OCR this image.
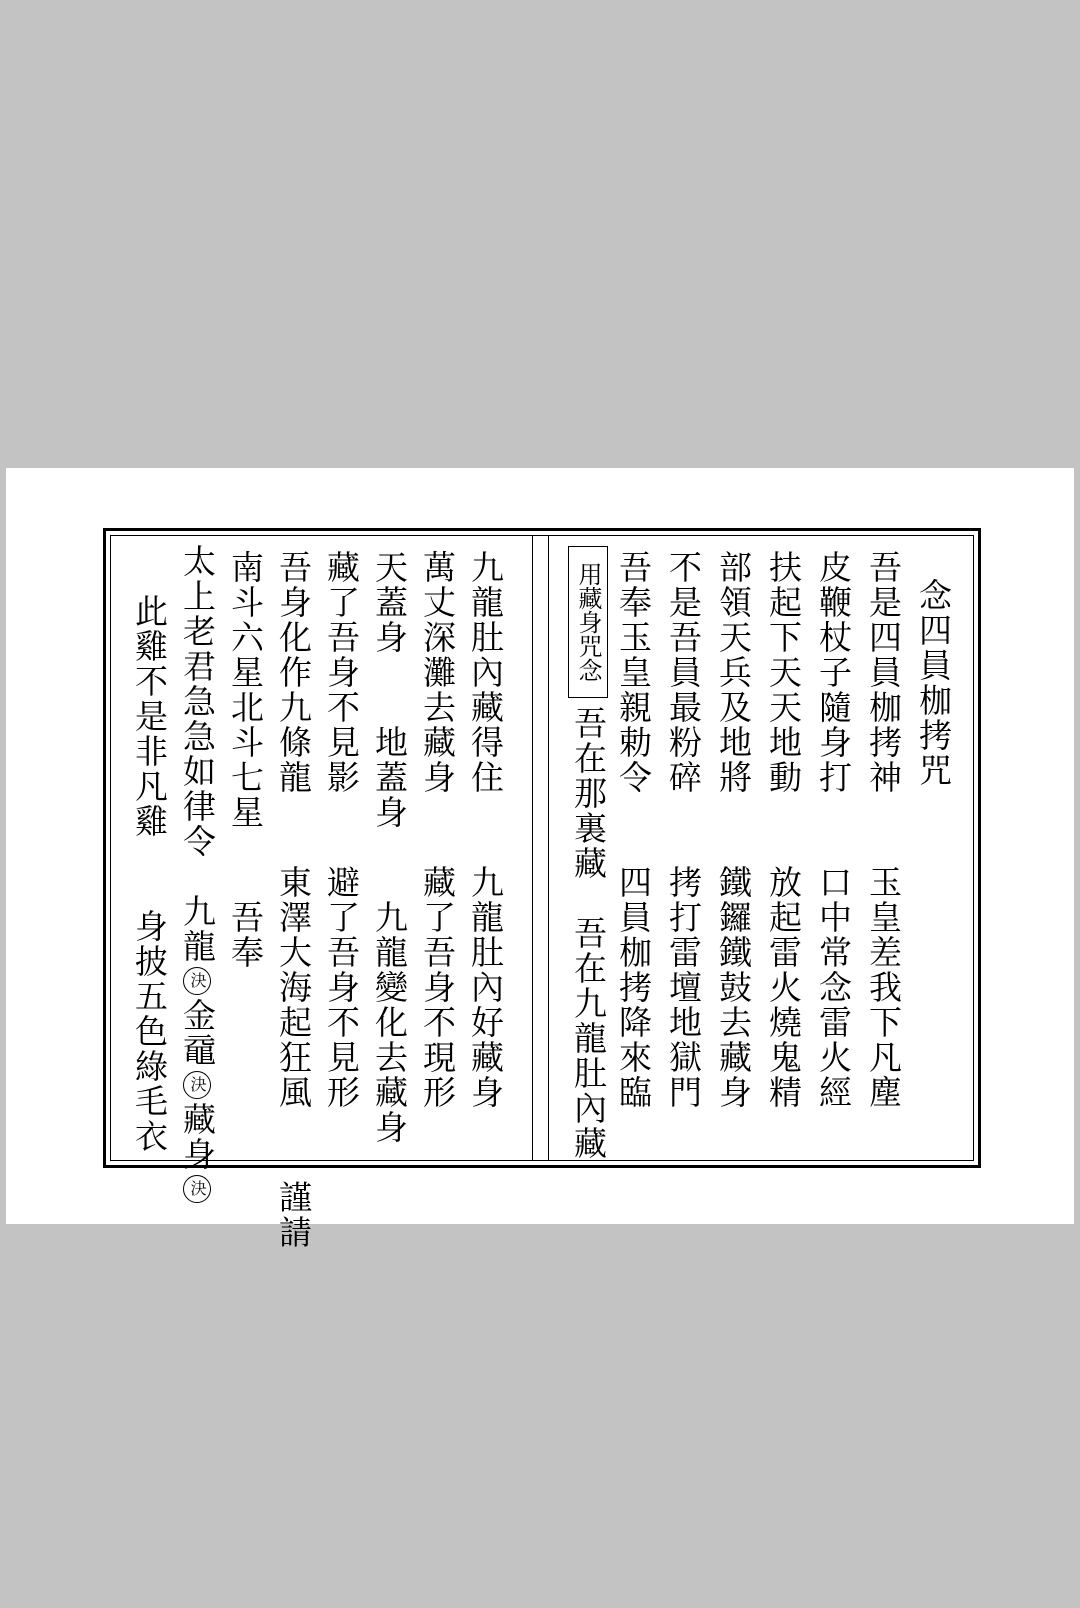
念四員枷拷咒
吾是四員枷拷神　　玉皇差我下凡塵
皮鞭杖子隨身打　　口中常念雷火經
扶起下天天地動　　放起雷火燒鬼精
部領天兵及地將　　鐵鑼鐵鼓去藏身
不是吾員最粉碎　　拷打雷壇地獄門
吾奉玉皇親勅令　　四員枷拷降來臨
用藏身咒念
吾在那裏藏　吾在九龍肚內藏
九龍肚內藏得住　　九龍肚內好藏身
萬丈深灘去藏身　　藏了吾身不現形
天蓋身　　地蓋身　　九龍變化去藏身
藏了吾身不見影　　避了吾身不見形
吾身化作九條龍　　東澤大海起狂風　　謹請
南斗六星北斗七星　　吾奉
太上老君急急如律令　九龍決金黿決藏身決
此雞不是非凡雞　　身披五色綠毛衣
